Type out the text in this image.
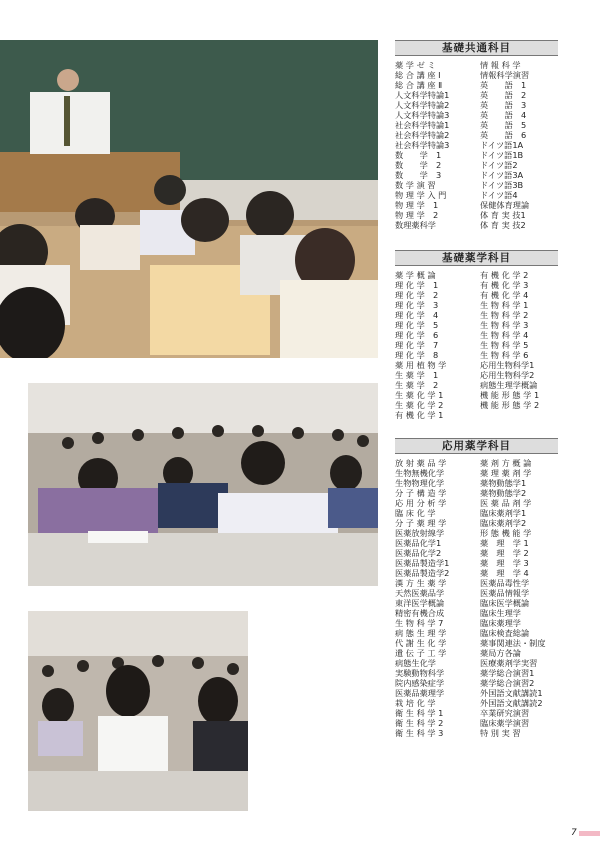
基礎共通科目
薬 学 ゼ ミ
総 合 講 座 Ⅰ
総 合 講 座 Ⅱ
人文科学特論1
人文科学特論2
人文科学特論3
社会科学特論1
社会科学特論2
社会科学特論3
数　　学　1
数　　学　2
数　　学　3
数 学 演 習
物 理 学 入 門
物 理 学　1
物 理 学　2
数理薬科学
情 報 科 学
情報科学演習
英　　語　1
英　　語　2
英　　語　3
英　　語　4
英　　語　5
英　　語　6
ドイツ語1A
ドイツ語1B
ドイツ語2
ドイツ語3A
ドイツ語3B
ドイツ語4
保健体育理論
体 育 実 技1
体 育 実 技2
基礎薬学科目
薬 学 概 論
理 化 学　1
理 化 学　2
理 化 学　3
理 化 学　4
理 化 学　5
理 化 学　6
理 化 学　7
理 化 学　8
薬 用 植 物 学
生 薬 学　1
生 薬 学　2
生 薬 化 学 1
生 薬 化 学 2
有 機 化 学 1
有 機 化 学 2
有 機 化 学 3
有 機 化 学 4
生 物 科 学 1
生 物 科 学 2
生 物 科 学 3
生 物 科 学 4
生 物 科 学 5
生 物 科 学 6
応用生物科学1
応用生物科学2
病態生理学概論
機 能 形 態 学 1
機 能 形 態 学 2
応用薬学科目
放 射 薬 品 学
生物無機化学
生物物理化学
分 子 構 造 学
応 用 分 析 学
臨 床 化 学
分 子 薬 理 学
医薬放射線学
医薬品化学1
医薬品化学2
医薬品製造学1
医薬品製造学2
漢 方 生 薬 学
天然医薬品学
東洋医学概論
精密有機合成
生 物 科 学 7
病 態 生 理 学
代 謝 生 化 学
遺 伝 子 工 学
病態生化学
実験動物科学
院内感染症学
医薬品薬理学
栽 培 化 学
衛 生 科 学 1
衛 生 科 学 2
衛 生 科 学 3
薬 剤 方 概 論
薬 理 薬 剤 学
薬物動態学1
薬物動態学2
医 薬 品 剤 学
臨床薬剤学1
臨床薬剤学2
形 態 機 能 学
薬　理　学 1
薬　理　学 2
薬　理　学 3
薬　理　学 4
医薬品毒性学
医薬品情報学
臨床医学概論
臨床生理学
臨床薬理学
臨床検査総論
薬事関連法・制度
薬局方各論
医療薬剤学実習
薬学総合演習1
薬学総合演習2
外国語文献講読1
外国語文献講読2
卒業研究演習
臨床薬学演習
特 別 実 習
7
